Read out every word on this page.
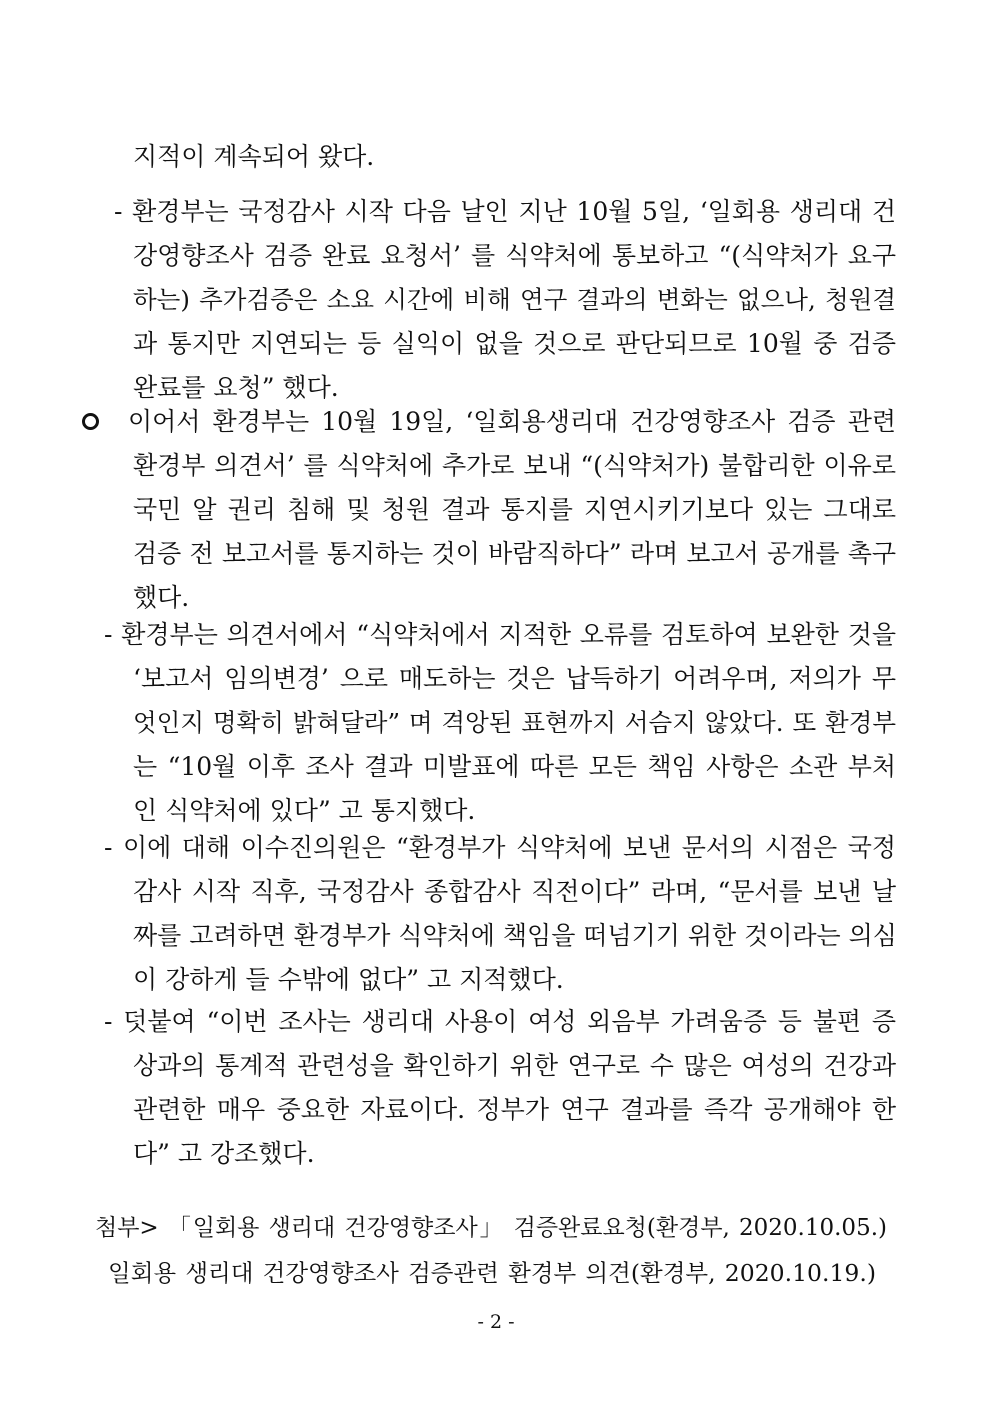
지적이 계속되어 왔다.
- 환경부는 국정감사 시작 다음 날인 지난 10월 5일, ‘일회용 생리대 건
강영향조사 검증 완료 요청서’ 를 식약처에 통보하고 “(식약처가 요구
하는) 추가검증은 소요 시간에 비해 연구 결과의 변화는 없으나, 청원결
과 통지만 지연되는 등 실익이 없을 것으로 판단되므로 10월 중 검증
완료를 요청” 했다.
이어서 환경부는 10월 19일, ‘일회용생리대 건강영향조사 검증 관련
환경부 의견서’ 를 식약처에 추가로 보내 “(식약처가) 불합리한 이유로
국민 알 권리 침해 및 청원 결과 통지를 지연시키기보다 있는 그대로
검증 전 보고서를 통지하는 것이 바람직하다” 라며 보고서 공개를 촉구
했다.
- 환경부는 의견서에서 “식약처에서 지적한 오류를 검토하여 보완한 것을
‘보고서 임의변경’ 으로 매도하는 것은 납득하기 어려우며, 저의가 무
엇인지 명확히 밝혀달라” 며 격앙된 표현까지 서슴지 않았다. 또 환경부
는 “10월 이후 조사 결과 미발표에 따른 모든 책임 사항은 소관 부처
인 식약처에 있다” 고 통지했다.
- 이에 대해 이수진의원은 “환경부가 식약처에 보낸 문서의 시점은 국정
감사 시작 직후, 국정감사 종합감사 직전이다” 라며, “문서를 보낸 날
짜를 고려하면 환경부가 식약처에 책임을 떠넘기기 위한 것이라는 의심
이 강하게 들 수밖에 없다” 고 지적했다.
- 덧붙여 “이번 조사는 생리대 사용이 여성 외음부 가려움증 등 불편 증
상과의 통계적 관련성을 확인하기 위한 연구로 수 많은 여성의 건강과
관련한 매우 중요한 자료이다. 정부가 연구 결과를 즉각 공개해야 한
다” 고 강조했다.
첨부> 「일회용 생리대 건강영향조사」 검증완료요청(환경부, 2020.10.05.)
일회용 생리대 건강영향조사 검증관련 환경부 의견(환경부, 2020.10.19.)
- 2 -
